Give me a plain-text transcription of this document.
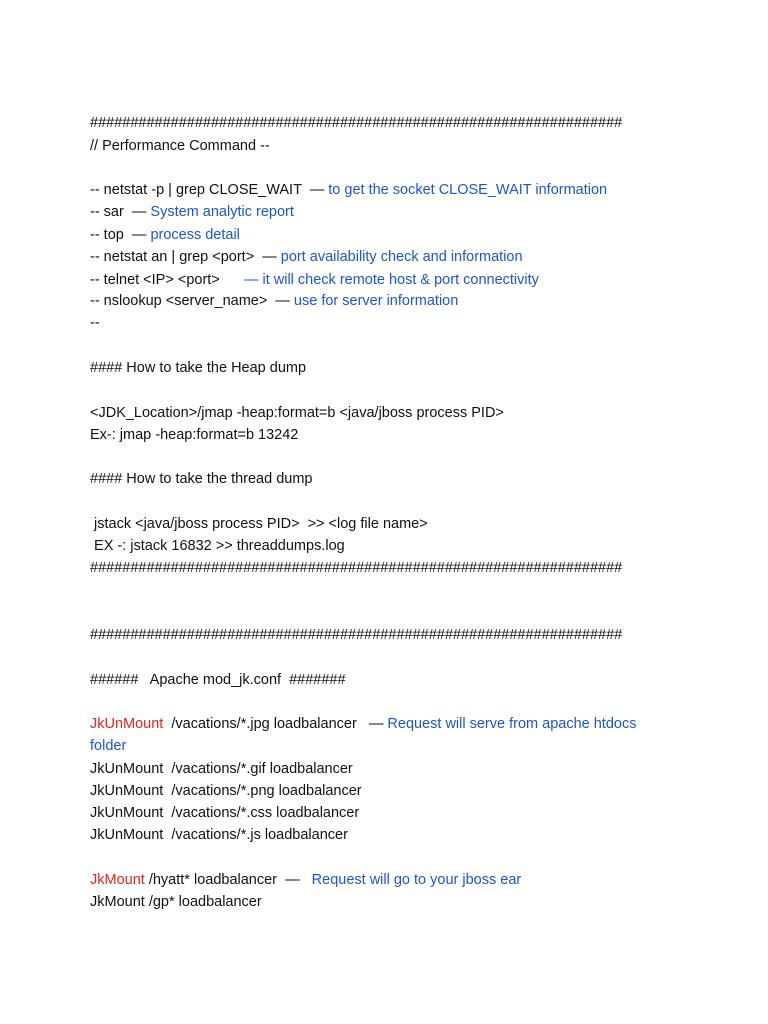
##################################################################
// Performance Command --
-- netstat -p | grep CLOSE_WAIT  — to get the socket CLOSE_WAIT information
-- sar  — System analytic report
-- top  — process detail
-- netstat an | grep <port>  — port availability check and information
-- telnet <IP> <port>      — it will check remote host & port connectivity
-- nslookup <server_name>  — use for server information
--
#### How to take the Heap dump
<JDK_Location>/jmap -heap:format=b <java/jboss process PID>
Ex-: jmap -heap:format=b 13242
#### How to take the thread dump
jstack <java/jboss process PID>  >> <log file name>
EX -: jstack 16832 >> threaddumps.log
##################################################################
##################################################################
######   Apache mod_jk.conf  #######
JkUnMount  /vacations/*.jpg loadbalancer   — Request will serve from apache htdocs
folder
JkUnMount  /vacations/*.gif loadbalancer
JkUnMount  /vacations/*.png loadbalancer
JkUnMount  /vacations/*.css loadbalancer
JkUnMount  /vacations/*.js loadbalancer
JkMount /hyatt* loadbalancer  —   Request will go to your jboss ear
JkMount /gp* loadbalancer
